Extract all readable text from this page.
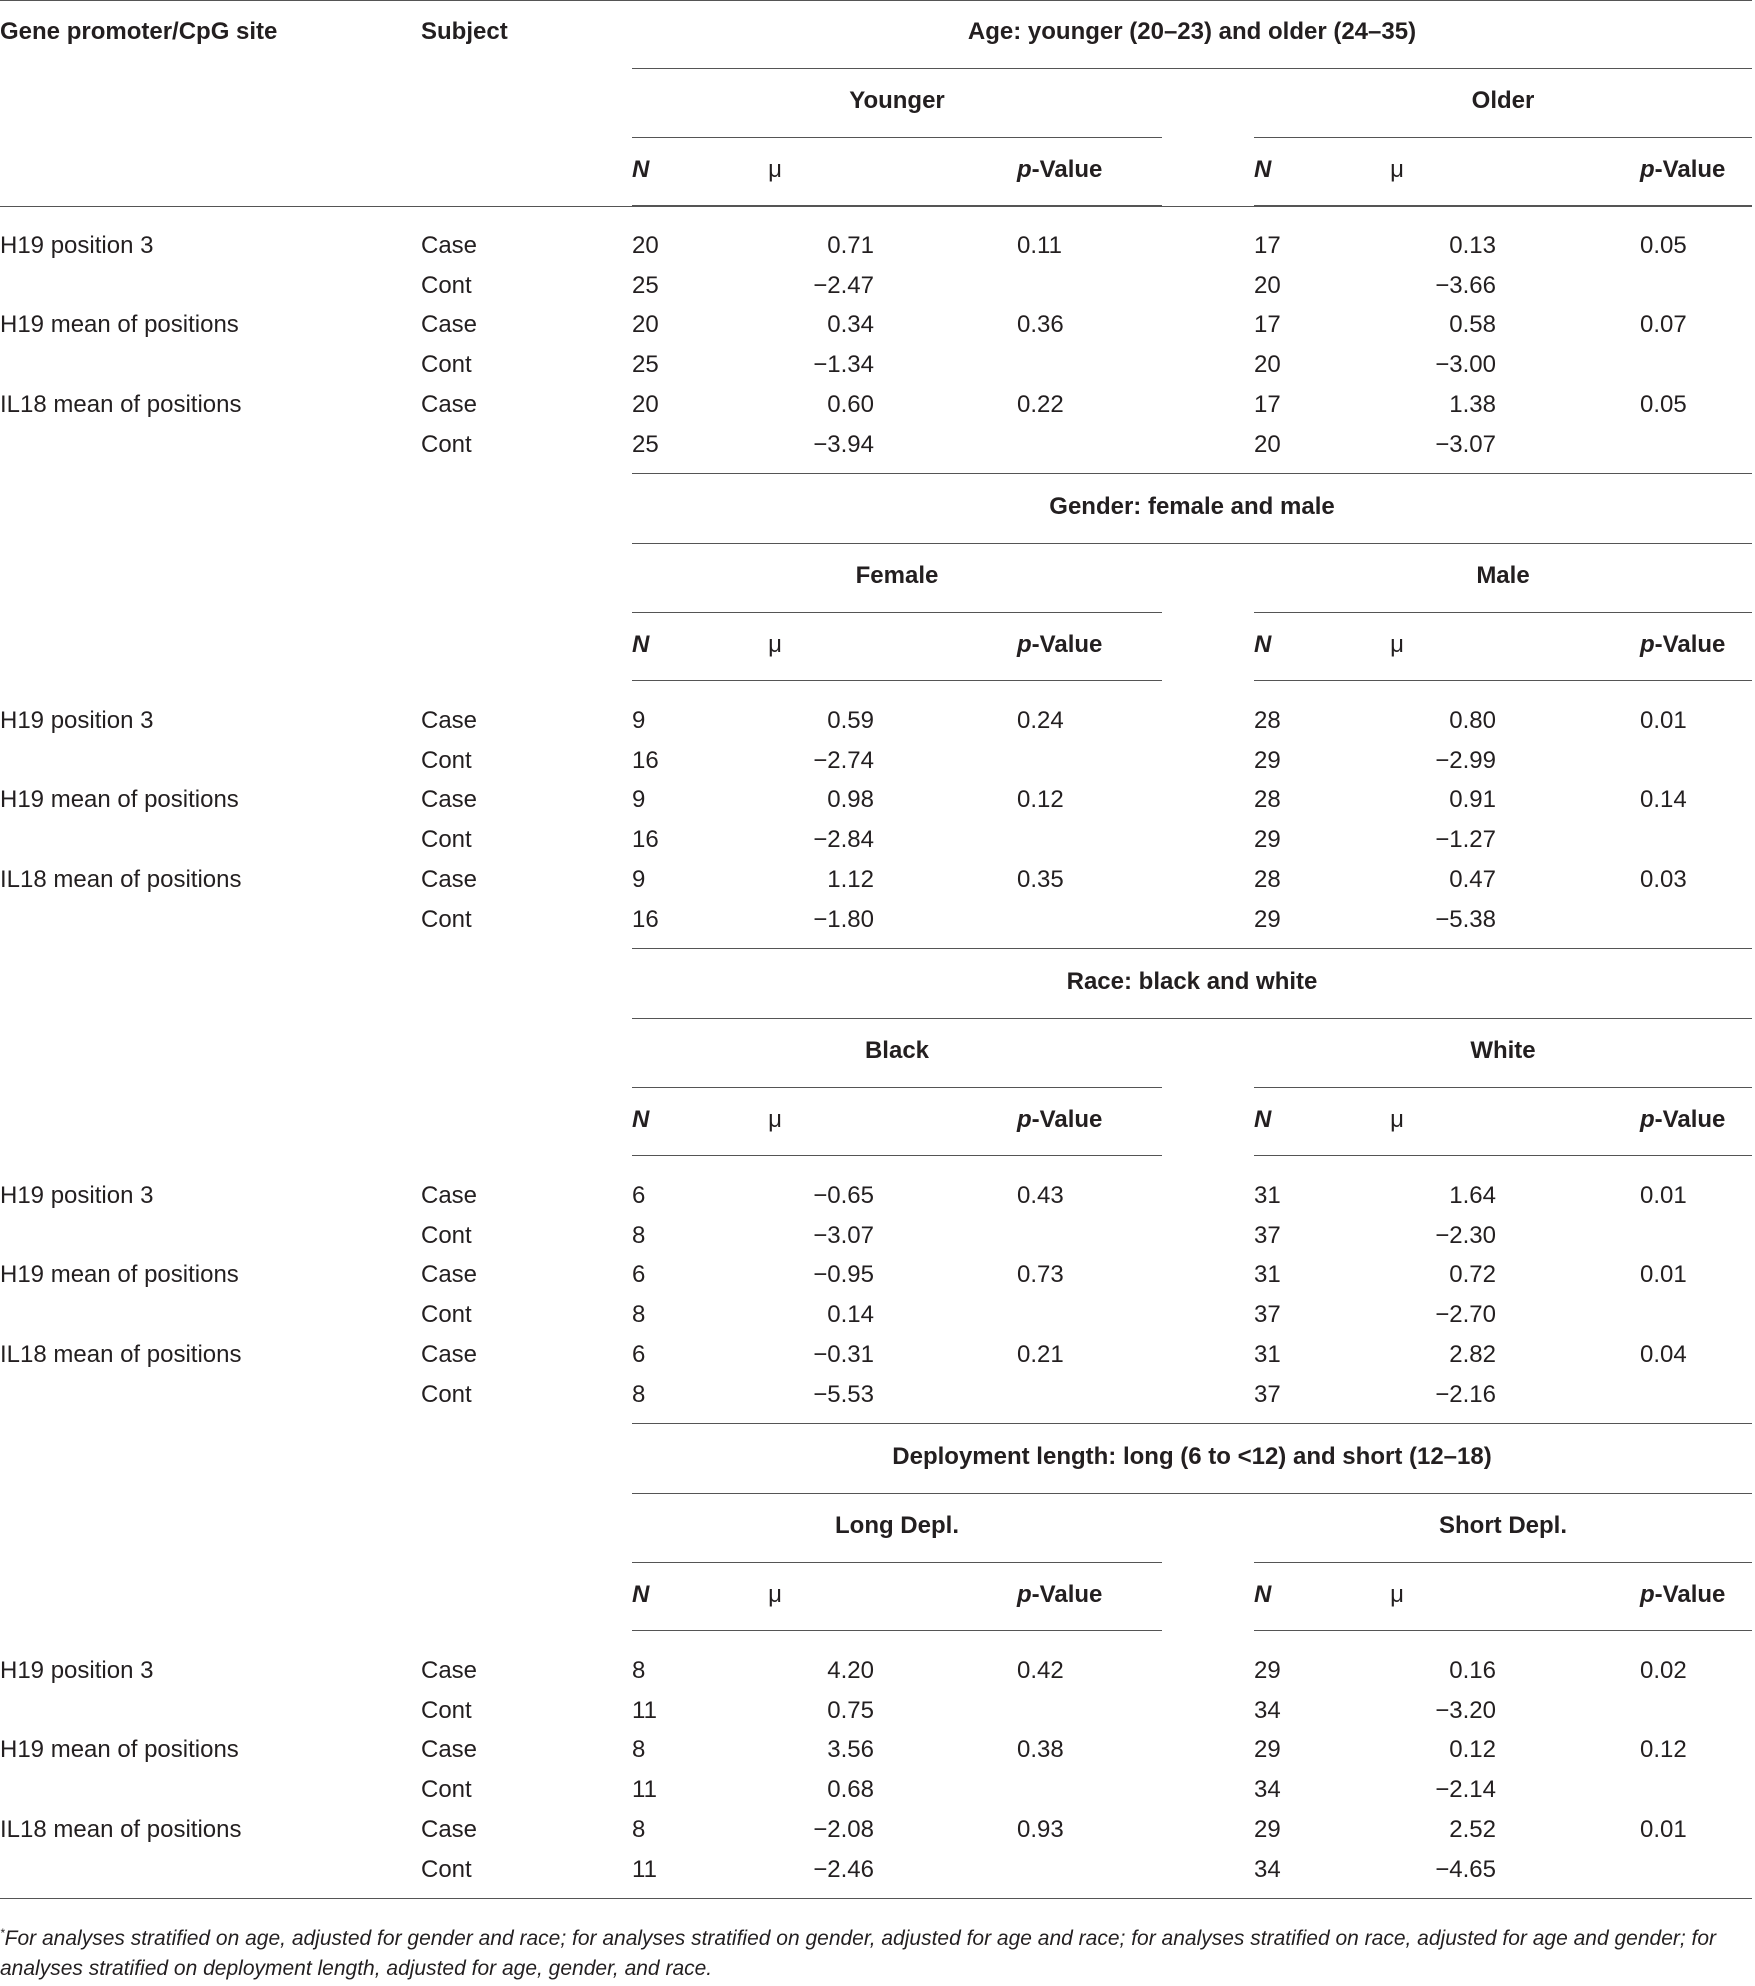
Gene promoter/CpG site	Subject	Age: younger (20–23) and older (24–35)
Younger	Older
N	μ	p-Value	N	μ	p-Value
H19 position 3	Case	20	0.71	0.11	17	0.13	0.05
Cont	25	−2.47	20	−3.66
H19 mean of positions	Case	20	0.34	0.36	17	0.58	0.07
Cont	25	−1.34	20	−3.00
IL18 mean of positions	Case	20	0.60	0.22	17	1.38	0.05
Cont	25	−3.94	20	−3.07
Gender: female and male
Female	Male
N	μ	p-Value	N	μ	p-Value
H19 position 3	Case	9	0.59	0.24	28	0.80	0.01
Cont	16	−2.74	29	−2.99
H19 mean of positions	Case	9	0.98	0.12	28	0.91	0.14
Cont	16	−2.84	29	−1.27
IL18 mean of positions	Case	9	1.12	0.35	28	0.47	0.03
Cont	16	−1.80	29	−5.38
Race: black and white
Black	White
N	μ	p-Value	N	μ	p-Value
H19 position 3	Case	6	−0.65	0.43	31	1.64	0.01
Cont	8	−3.07	37	−2.30
H19 mean of positions	Case	6	−0.95	0.73	31	0.72	0.01
Cont	8	0.14	37	−2.70
IL18 mean of positions	Case	6	−0.31	0.21	31	2.82	0.04
Cont	8	−5.53	37	−2.16
Deployment length: long (6 to <12) and short (12–18)
Long Depl.	Short Depl.
N	μ	p-Value	N	μ	p-Value
H19 position 3	Case	8	4.20	0.42	29	0.16	0.02
Cont	11	0.75	34	−3.20
H19 mean of positions	Case	8	3.56	0.38	29	0.12	0.12
Cont	11	0.68	34	−2.14
IL18 mean of positions	Case	8	−2.08	0.93	29	2.52	0.01
Cont	11	−2.46	34	−4.65
*For analyses stratified on age, adjusted for gender and race; for analyses stratified on gender, adjusted for age and race; for analyses stratified on race, adjusted for age and gender; for analyses stratified on deployment length, adjusted for age, gender, and race.
